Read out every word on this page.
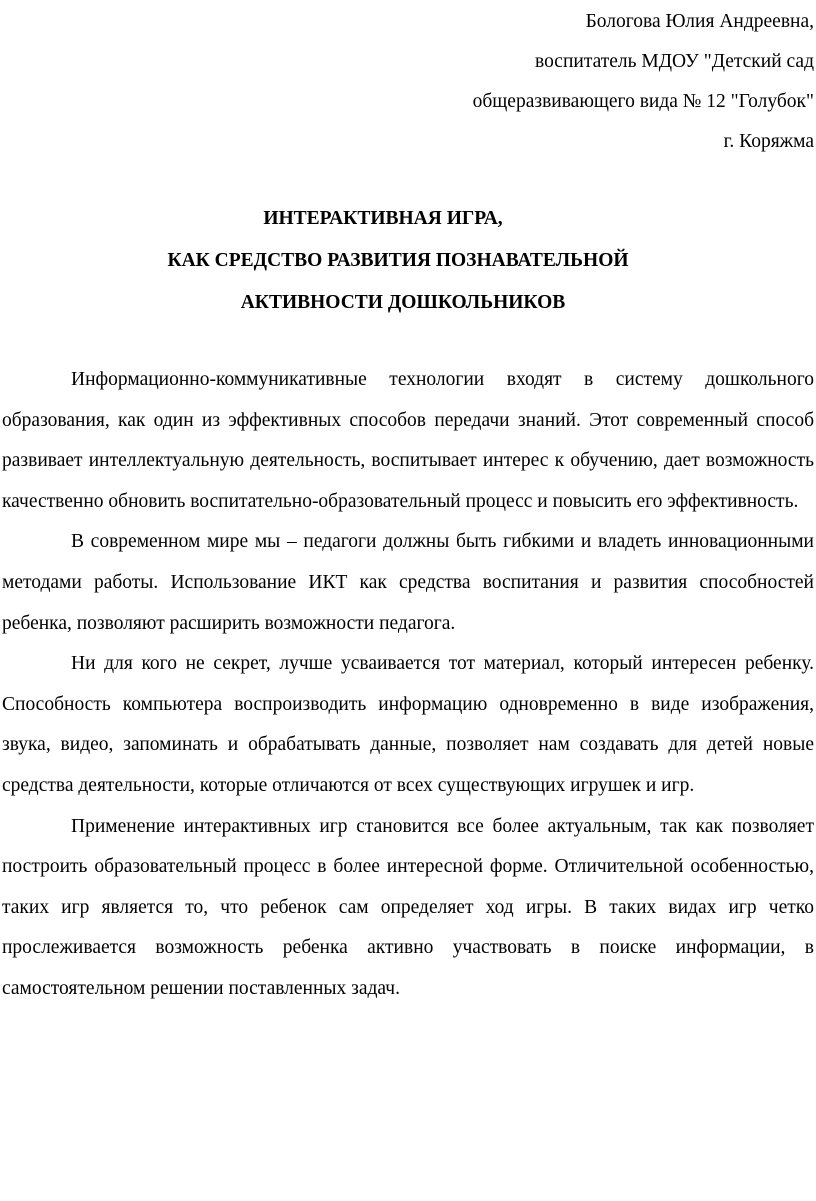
Бологова Юлия Андреевна,
воспитатель МДОУ "Детский сад
общеразвивающего вида № 12 "Голубок"
г. Коряжма
ИНТЕРАКТИВНАЯ ИГРА,
КАК СРЕДСТВО РАЗВИТИЯ ПОЗНАВАТЕЛЬНОЙ
АКТИВНОСТИ ДОШКОЛЬНИКОВ

Информационно-коммуникативные технологии входят в систему дошкольного образования, как один из эффективных способов передачи знаний. Этот современный способ развивает интеллектуальную деятельность, воспитывает интерес к обучению, дает возможность качественно обновить воспитательно-образовательный процесс и повысить его эффективность.

В современном мире мы – педагоги должны быть гибкими и владеть инновационными методами работы. Использование ИКТ как средства воспитания и развития способностей ребенка, позволяют расширить возможности педагога.

Ни для кого не секрет, лучше усваивается тот материал, который интересен ребенку. Способность компьютера воспроизводить информацию одновременно в виде изображения, звука, видео, запоминать и обрабатывать данные, позволяет нам создавать для детей новые средства деятельности, которые отличаются от всех существующих игрушек и игр.

Применение интерактивных игр становится все более актуальным, так как позволяет построить образовательный процесс в более интересной форме. Отличительной особенностью, таких игр является то, что ребенок сам определяет ход игры. В таких видах игр четко прослеживается возможность ребенка активно участвовать в поиске информации, в самостоятельном решении поставленных задач.
